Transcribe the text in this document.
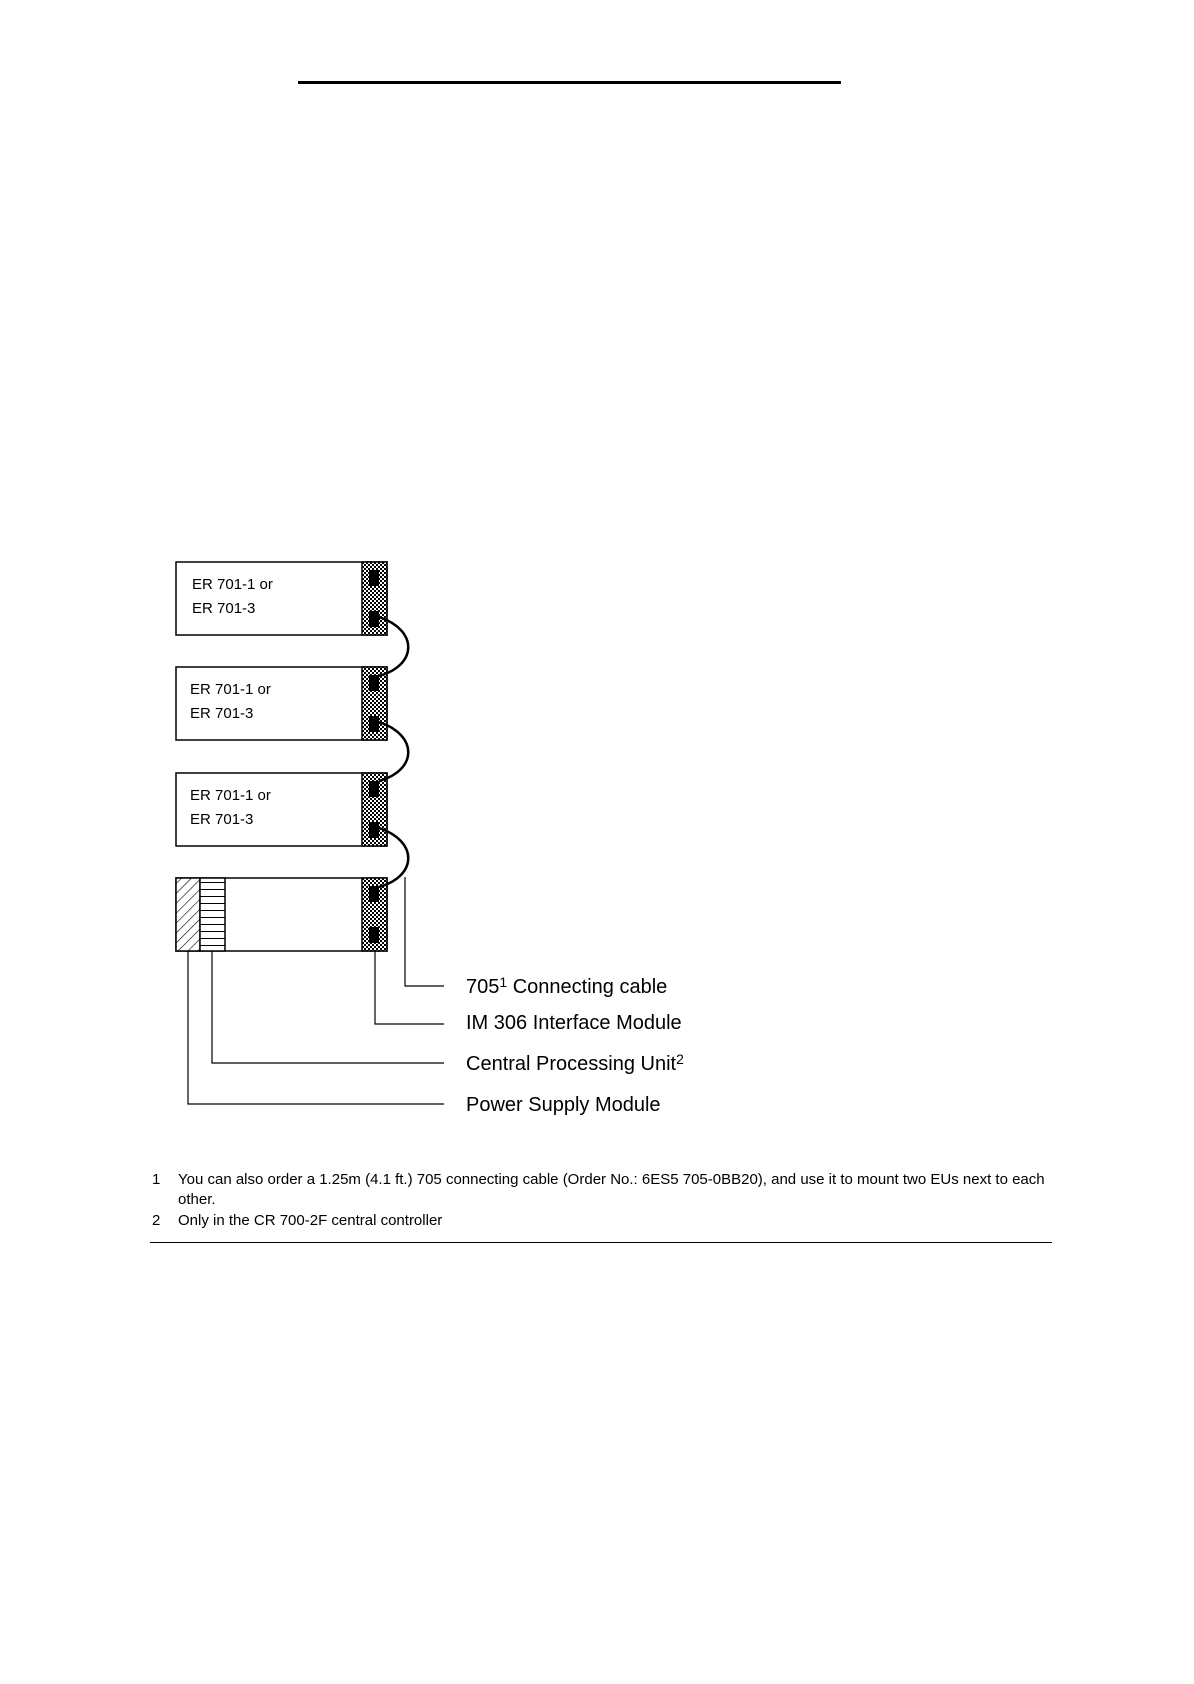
ER 701-1 or
ER 701-3
ER 701-1 or
ER 701-3
ER 701-1 or
ER 701-3
$705^1$ Connecting cable
IM 306 Interface Module
Central Processing Unit$^2$
Power Supply Module
1	You can also order a 1.25m (4.1 ft.) 705 connecting cable (Order No.: 6ES5 705-0BB20), and use it to mount two EUs next to each other.
2	Only in the CR 700-2F central controller
